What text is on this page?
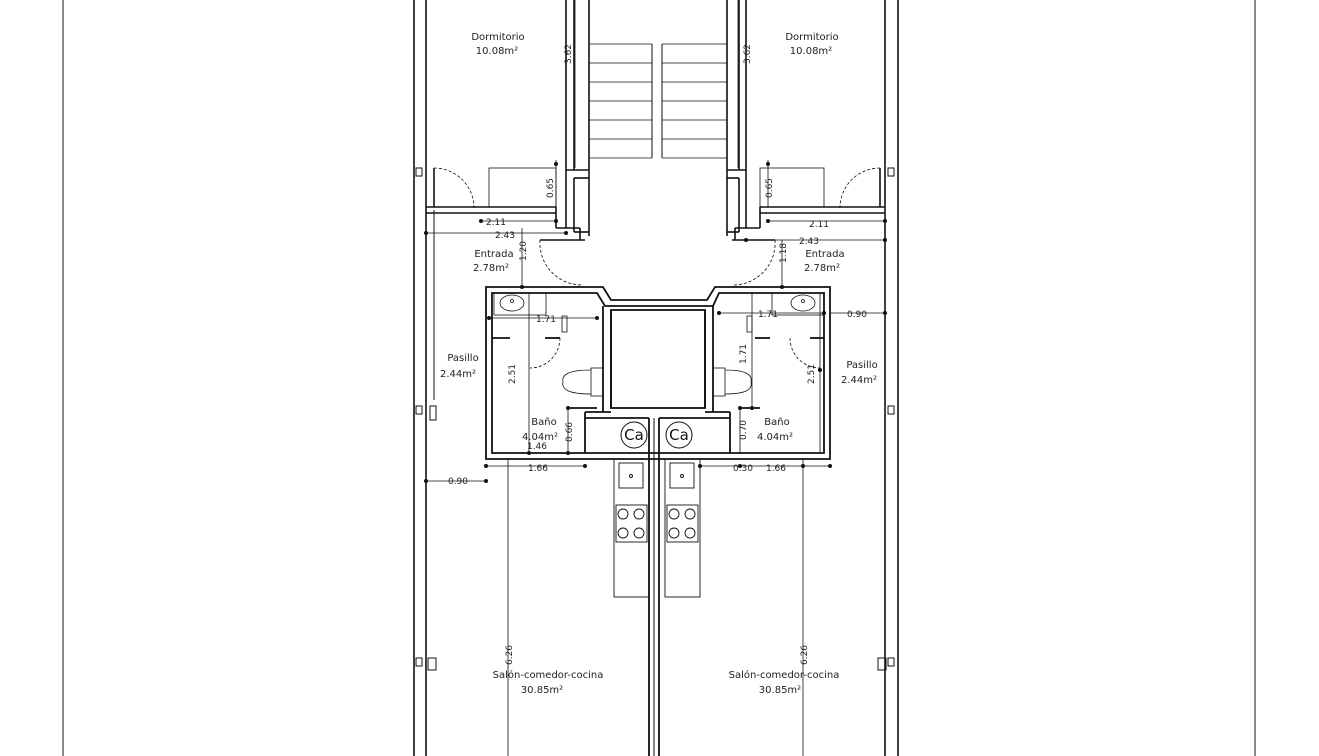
Dormitorio
10.08m²
Dormitorio
10.08m²
Entrada
2.78m²
Entrada
2.78m²
Pasillo
2.44m²
Pasillo
2.44m²
Baño
4.04m²
Baño
4.04m²
Salón-comedor-cocina
30.85m²
Salón-comedor-cocina
30.85m²
Ca Ca
3.62	3.62
0.65	0.65
2.11	2.11
2.43
2.43
1.20	1.18
1.71	1.71
1.71
2.51	2.51
0.66	0.70
1.46
1.66	1.66
0.30
0.90
0.90
6.26	6.26
